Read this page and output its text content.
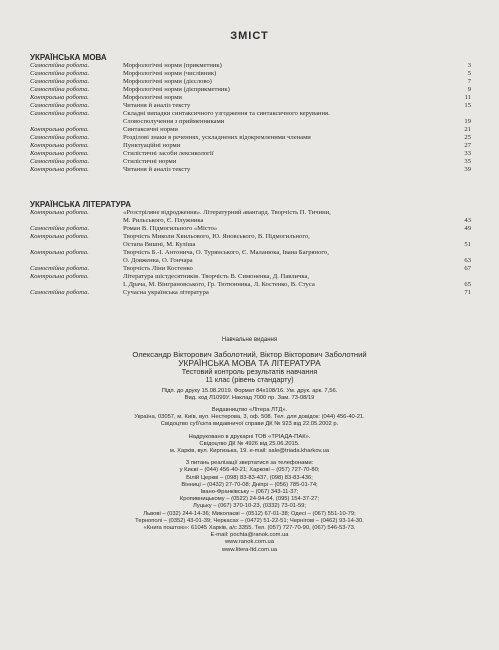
ЗМІСТ
УКРАЇНСЬКА МОВА
Самостійна робота.	Морфологічні норми (прикметник)	3
Самостійна робота.	Морфологічні норми (числівник)	5
Самостійна робота.	Морфологічні норми (дієслово)	7
Самостійна робота.	Морфологічні норми (дієприкметник)	9
Контрольна робота.	Морфологічні норми	11
Самостійна робота.	Читання й аналіз тексту	15
Самостійна робота.	Складні випадки синтаксичного узгодження та синтаксичного керування.
Словосполучення з прийменниками	19
Контрольна робота.	Синтаксичні норми	21
Самостійна робота.	Розділові знаки в реченнях, ускладнених відокремленими членами	25
Контрольна робота.	Пунктуаційні норми	27
Контрольна робота.	Стилістичні засоби лексикології	33
Самостійна робота.	Стилістичні норми	35
Контрольна робота.	Читання й аналіз тексту	39
УКРАЇНСЬКА ЛІТЕРАТУРА
Контрольна робота.	«Розстріляне відродження». Літературний авангард. Творчість П. Тичини,
М. Рильського, Є. Плужника	43
Самостійна робота.	Роман В. Підмогильного «Місто»	49
Контрольна робота.	Творчість Миколи Хвильового, Ю. Яновського, В. Підмогильного,
Остапа Вишні, М. Куліша	51
Контрольна робота.	Творчість Б.-І. Антонича, О. Турянського, Є. Маланюка, Івана Багряного,
О. Довженка, О. Гончара	63
Самостійна робота.	Творчість Ліни Костенко	67
Контрольна робота.	Література шістдесятників. Творчість В. Симоненка, Д. Павличка,
І. Драча, М. Вінграновського, Гр. Тютюнника, Л. Костенко, В. Стуса	65
Самостійна робота.	Сучасна українська література	71
Навчальне видання
Олександр Вікторович Заболотний, Віктор Вікторович Заболотний
УКРАЇНСЬКА МОВА ТА ЛІТЕРАТУРА
Тестовий контроль результатів навчання
11 клас (рівень стандарту)
Підп. до друку 15.08.2019. Формат 84х108/16. Ум. друк. арк. 7,56.
Вид. код Л1099У. Наклад 7000 пр. Зам. 73-08/19
Видавництво «Літера ЛТД».
Україна, 03057, м. Київ, вул. Нестерова, 3, оф. 508. Тел. для довідок: (044) 456-40-21.
Свідоцтво суб'єкта видавничої справи ДК № 923 від 22.05.2002 р.
Надруковано в друкарні ТОВ «ТРІАДА-ПАК».
Свідоцтво ДК № 4926 від 25.06.2015.
м. Харків, вул. Киргизька, 19. e-mail: sale@triada.kharkov.ua
З питань реалізації звертатися за телефонами:
у Києві – (044) 456-40-21; Харкові – (057) 727-70-80;
Білій Церкві – (098) 83-83-437, (098) 83-83-436;
Вінниці – (0432) 27-70-08; Дніпрі – (056) 785-01-74;
Івано-Франківську – (067) 343-11-37;
Кропивницькому – (0522) 24-94-64, (095) 154-37-27;
Луцьку – (067) 370-10-23, (0332) 73-01-59;
Львові – (032) 244-14-36; Миколаєві – (0512) 67-01-38; Одесі – (067) 551-10-79;
Тернополі – (0352) 43-01-39; Черкасах – (0472) 51-22-51; Чернігові – (0462) 93-14-30.
«Книга поштою»: 61045 Харків, а/с 3355. Тел. (057) 727-70-90, (067) 546-53-73.
E-mail: pochta@ranok.com.ua
www.ranok.com.ua
www.litera-ltd.com.ua
